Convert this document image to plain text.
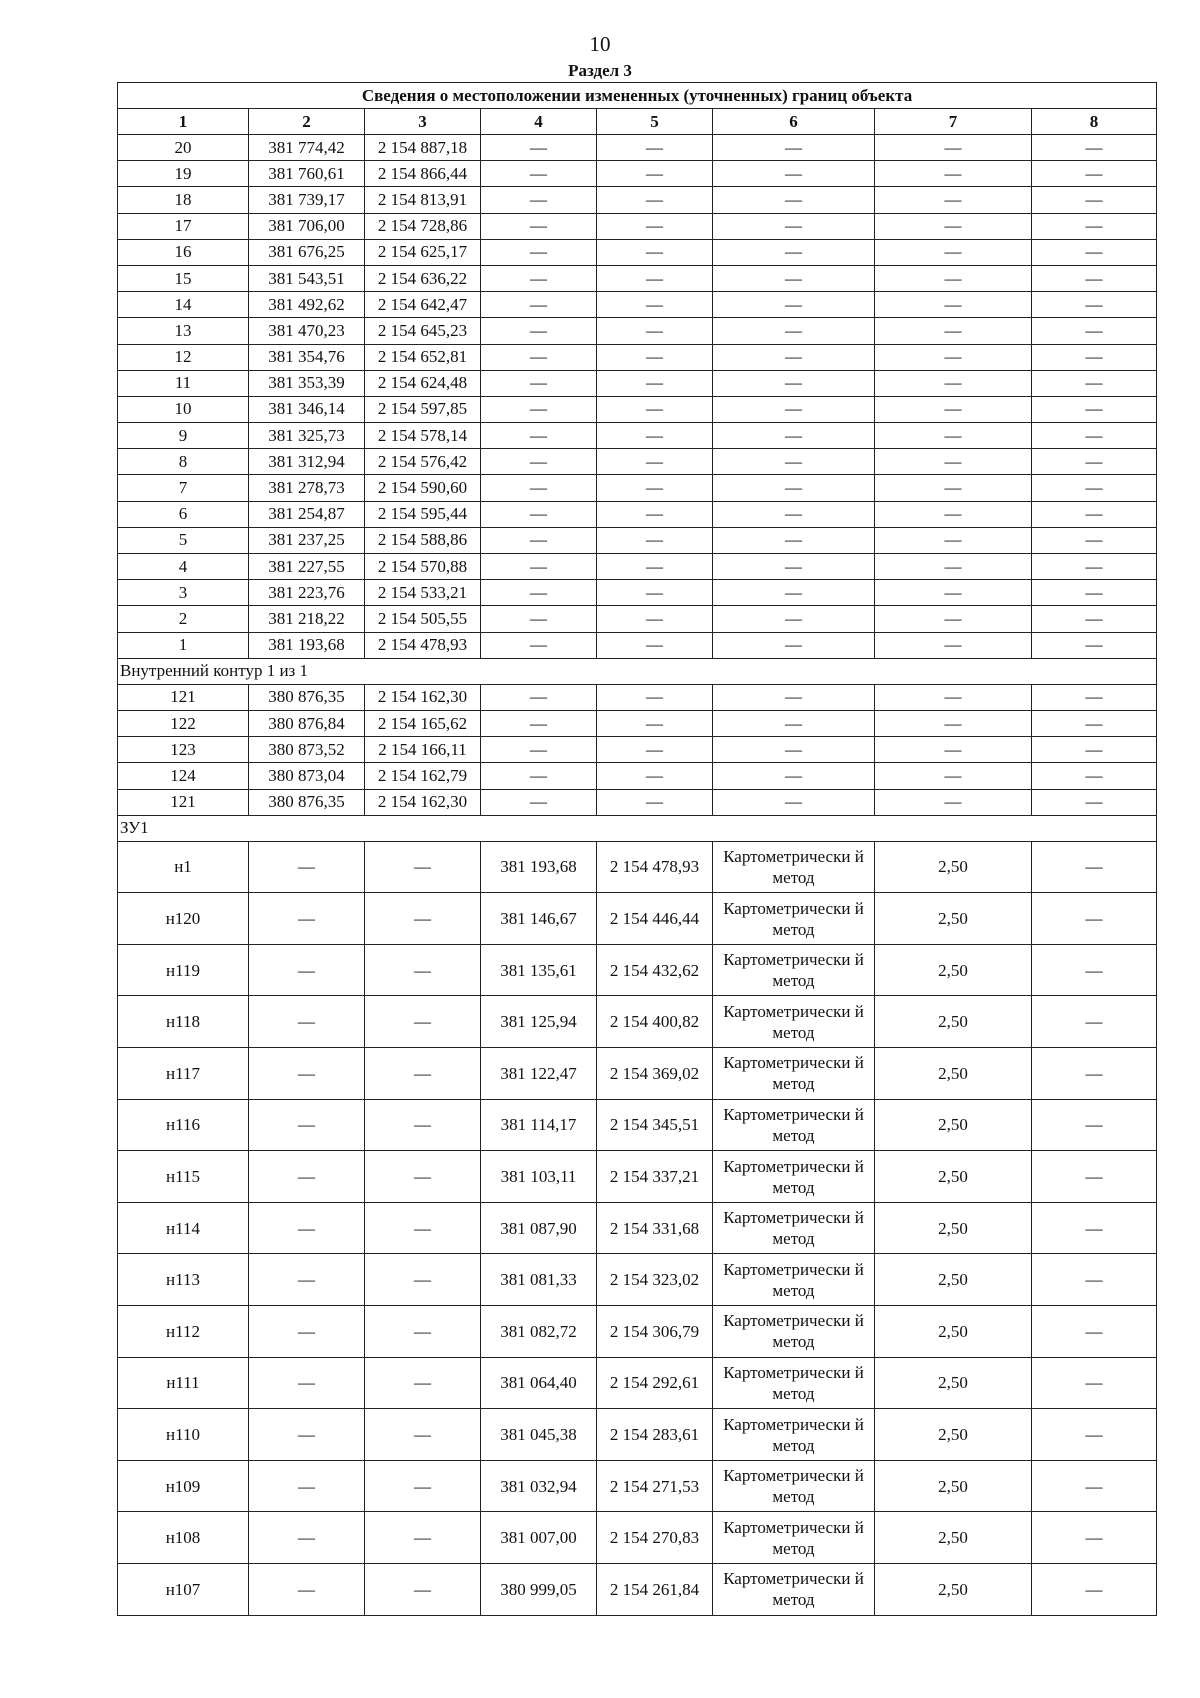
10
Раздел 3
Сведения о местоположении измененных (уточненных) границ объекта							
1	2	3	4	5	6	7	8
20	381 774,42	2 154 887,18	—	—	—	—	—
19	381 760,61	2 154 866,44	—	—	—	—	—
18	381 739,17	2 154 813,91	—	—	—	—	—
17	381 706,00	2 154 728,86	—	—	—	—	—
16	381 676,25	2 154 625,17	—	—	—	—	—
15	381 543,51	2 154 636,22	—	—	—	—	—
14	381 492,62	2 154 642,47	—	—	—	—	—
13	381 470,23	2 154 645,23	—	—	—	—	—
12	381 354,76	2 154 652,81	—	—	—	—	—
11	381 353,39	2 154 624,48	—	—	—	—	—
10	381 346,14	2 154 597,85	—	—	—	—	—
9	381 325,73	2 154 578,14	—	—	—	—	—
8	381 312,94	2 154 576,42	—	—	—	—	—
7	381 278,73	2 154 590,60	—	—	—	—	—
6	381 254,87	2 154 595,44	—	—	—	—	—
5	381 237,25	2 154 588,86	—	—	—	—	—
4	381 227,55	2 154 570,88	—	—	—	—	—
3	381 223,76	2 154 533,21	—	—	—	—	—
2	381 218,22	2 154 505,55	—	—	—	—	—
1	381 193,68	2 154 478,93	—	—	—	—	—
Внутренний контур 1 из 1							
121	380 876,35	2 154 162,30	—	—	—	—	—
122	380 876,84	2 154 165,62	—	—	—	—	—
123	380 873,52	2 154 166,11	—	—	—	—	—
124	380 873,04	2 154 162,79	—	—	—	—	—
121	380 876,35	2 154 162,30	—	—	—	—	—
ЗУ1							
н1	—	—	381 193,68	2 154 478,93	Картометрически й метод	2,50	—
н120	—	—	381 146,67	2 154 446,44	Картометрически й метод	2,50	—
н119	—	—	381 135,61	2 154 432,62	Картометрически й метод	2,50	—
н118	—	—	381 125,94	2 154 400,82	Картометрически й метод	2,50	—
н117	—	—	381 122,47	2 154 369,02	Картометрически й метод	2,50	—
н116	—	—	381 114,17	2 154 345,51	Картометрически й метод	2,50	—
н115	—	—	381 103,11	2 154 337,21	Картометрически й метод	2,50	—
н114	—	—	381 087,90	2 154 331,68	Картометрически й метод	2,50	—
н113	—	—	381 081,33	2 154 323,02	Картометрически й метод	2,50	—
н112	—	—	381 082,72	2 154 306,79	Картометрически й метод	2,50	—
н111	—	—	381 064,40	2 154 292,61	Картометрически й метод	2,50	—
н110	—	—	381 045,38	2 154 283,61	Картометрически й метод	2,50	—
н109	—	—	381 032,94	2 154 271,53	Картометрически й метод	2,50	—
н108	—	—	381 007,00	2 154 270,83	Картометрически й метод	2,50	—
н107	—	—	380 999,05	2 154 261,84	Картометрически й метод	2,50	—
